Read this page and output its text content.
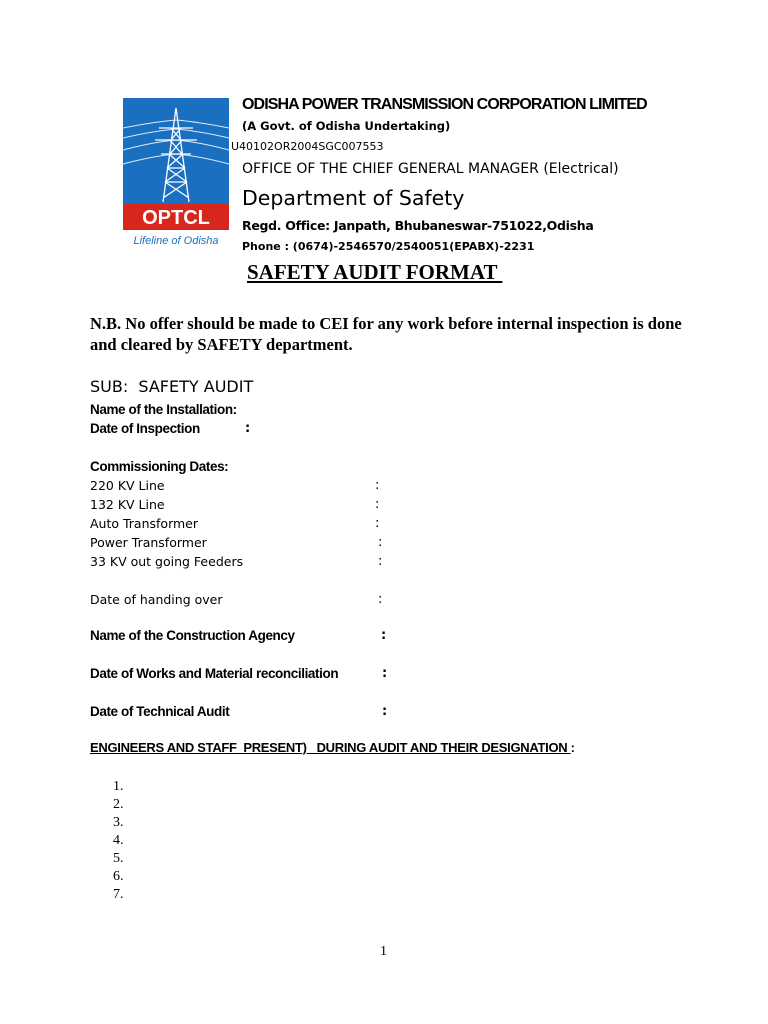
OPTCL
Lifeline of Odisha
ODISHA POWER TRANSMISSION CORPORATION LIMITED
(A Govt. of Odisha Undertaking)
U40102OR2004SGC007553
OFFICE OF THE CHIEF GENERAL MANAGER (Electrical)
Department of Safety
Regd. Office: Janpath, Bhubaneswar-751022,Odisha
Phone : (0674)-2546570/2540051(EPABX)-2231
SAFETY AUDIT FORMAT
N.B. No offer should be made to CEI for any work before internal inspection is done and cleared by SAFETY department.
SUB:  SAFETY AUDIT
Name of the Installation:
Date of Inspection	:
Commissioning Dates:
220 KV Line	:
132 KV Line	:
Auto Transformer	:
Power Transformer	:
33 KV out going Feeders	:
Date of handing over	:
Name of the Construction Agency	:
Date of Works and Material reconciliation	:
Date of Technical Audit	:
ENGINEERS AND STAFF  PRESENT)   DURING AUDIT AND THEIR DESIGNATION :
1.
2.
3.
4.
5.
6.
7.
1
